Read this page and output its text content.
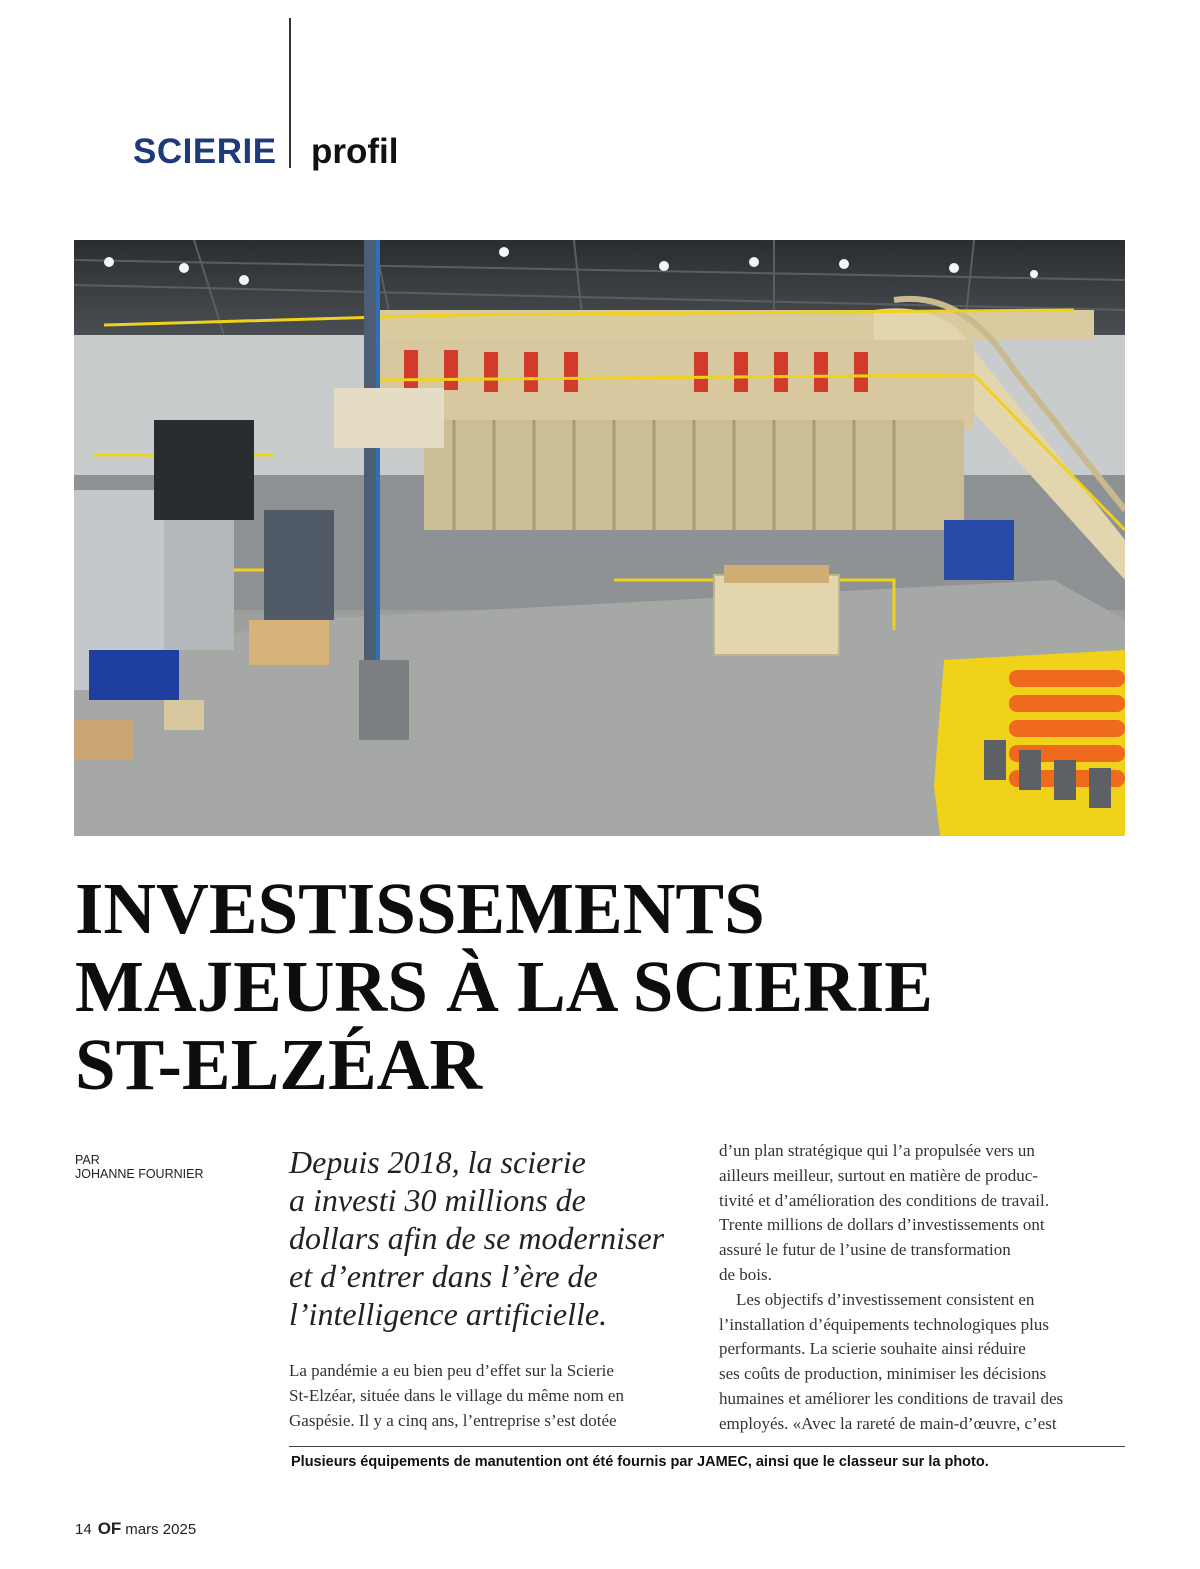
SCIERIE profil
INVESTISSEMENTS
MAJEURS À LA SCIERIE
ST-ELZÉAR
PAR
JOHANNE FOURNIER	Depuis 2018, la scierie
a investi 30 millions de
dollars afin de se moderniser
et d’entrer dans l’ère de
l’intelligence artificielle.

La pandémie a eu bien peu d’effet sur la Scierie
St-Elzéar, située dans le village du même nom en
Gaspésie. Il y a cinq ans, l’entreprise s’est dotée
d’un plan stratégique qui l’a propulsée vers un
ailleurs meilleur, surtout en matière de produc-
tivité et d’amélioration des conditions de travail.
Trente millions de dollars d’investissements ont
assuré le futur de l’usine de transformation
de bois.
Les objectifs d’investissement consistent en
l’installation d’équipements technologiques plus
performants. La scierie souhaite ainsi réduire
ses coûts de production, minimiser les décisions
humaines et améliorer les conditions de travail des
employés. «Avec la rareté de main-d’œuvre, c’est
Plusieurs équipements de manutention ont été fournis par JAMEC, ainsi que le classeur sur la photo.
14 OF mars 2025
